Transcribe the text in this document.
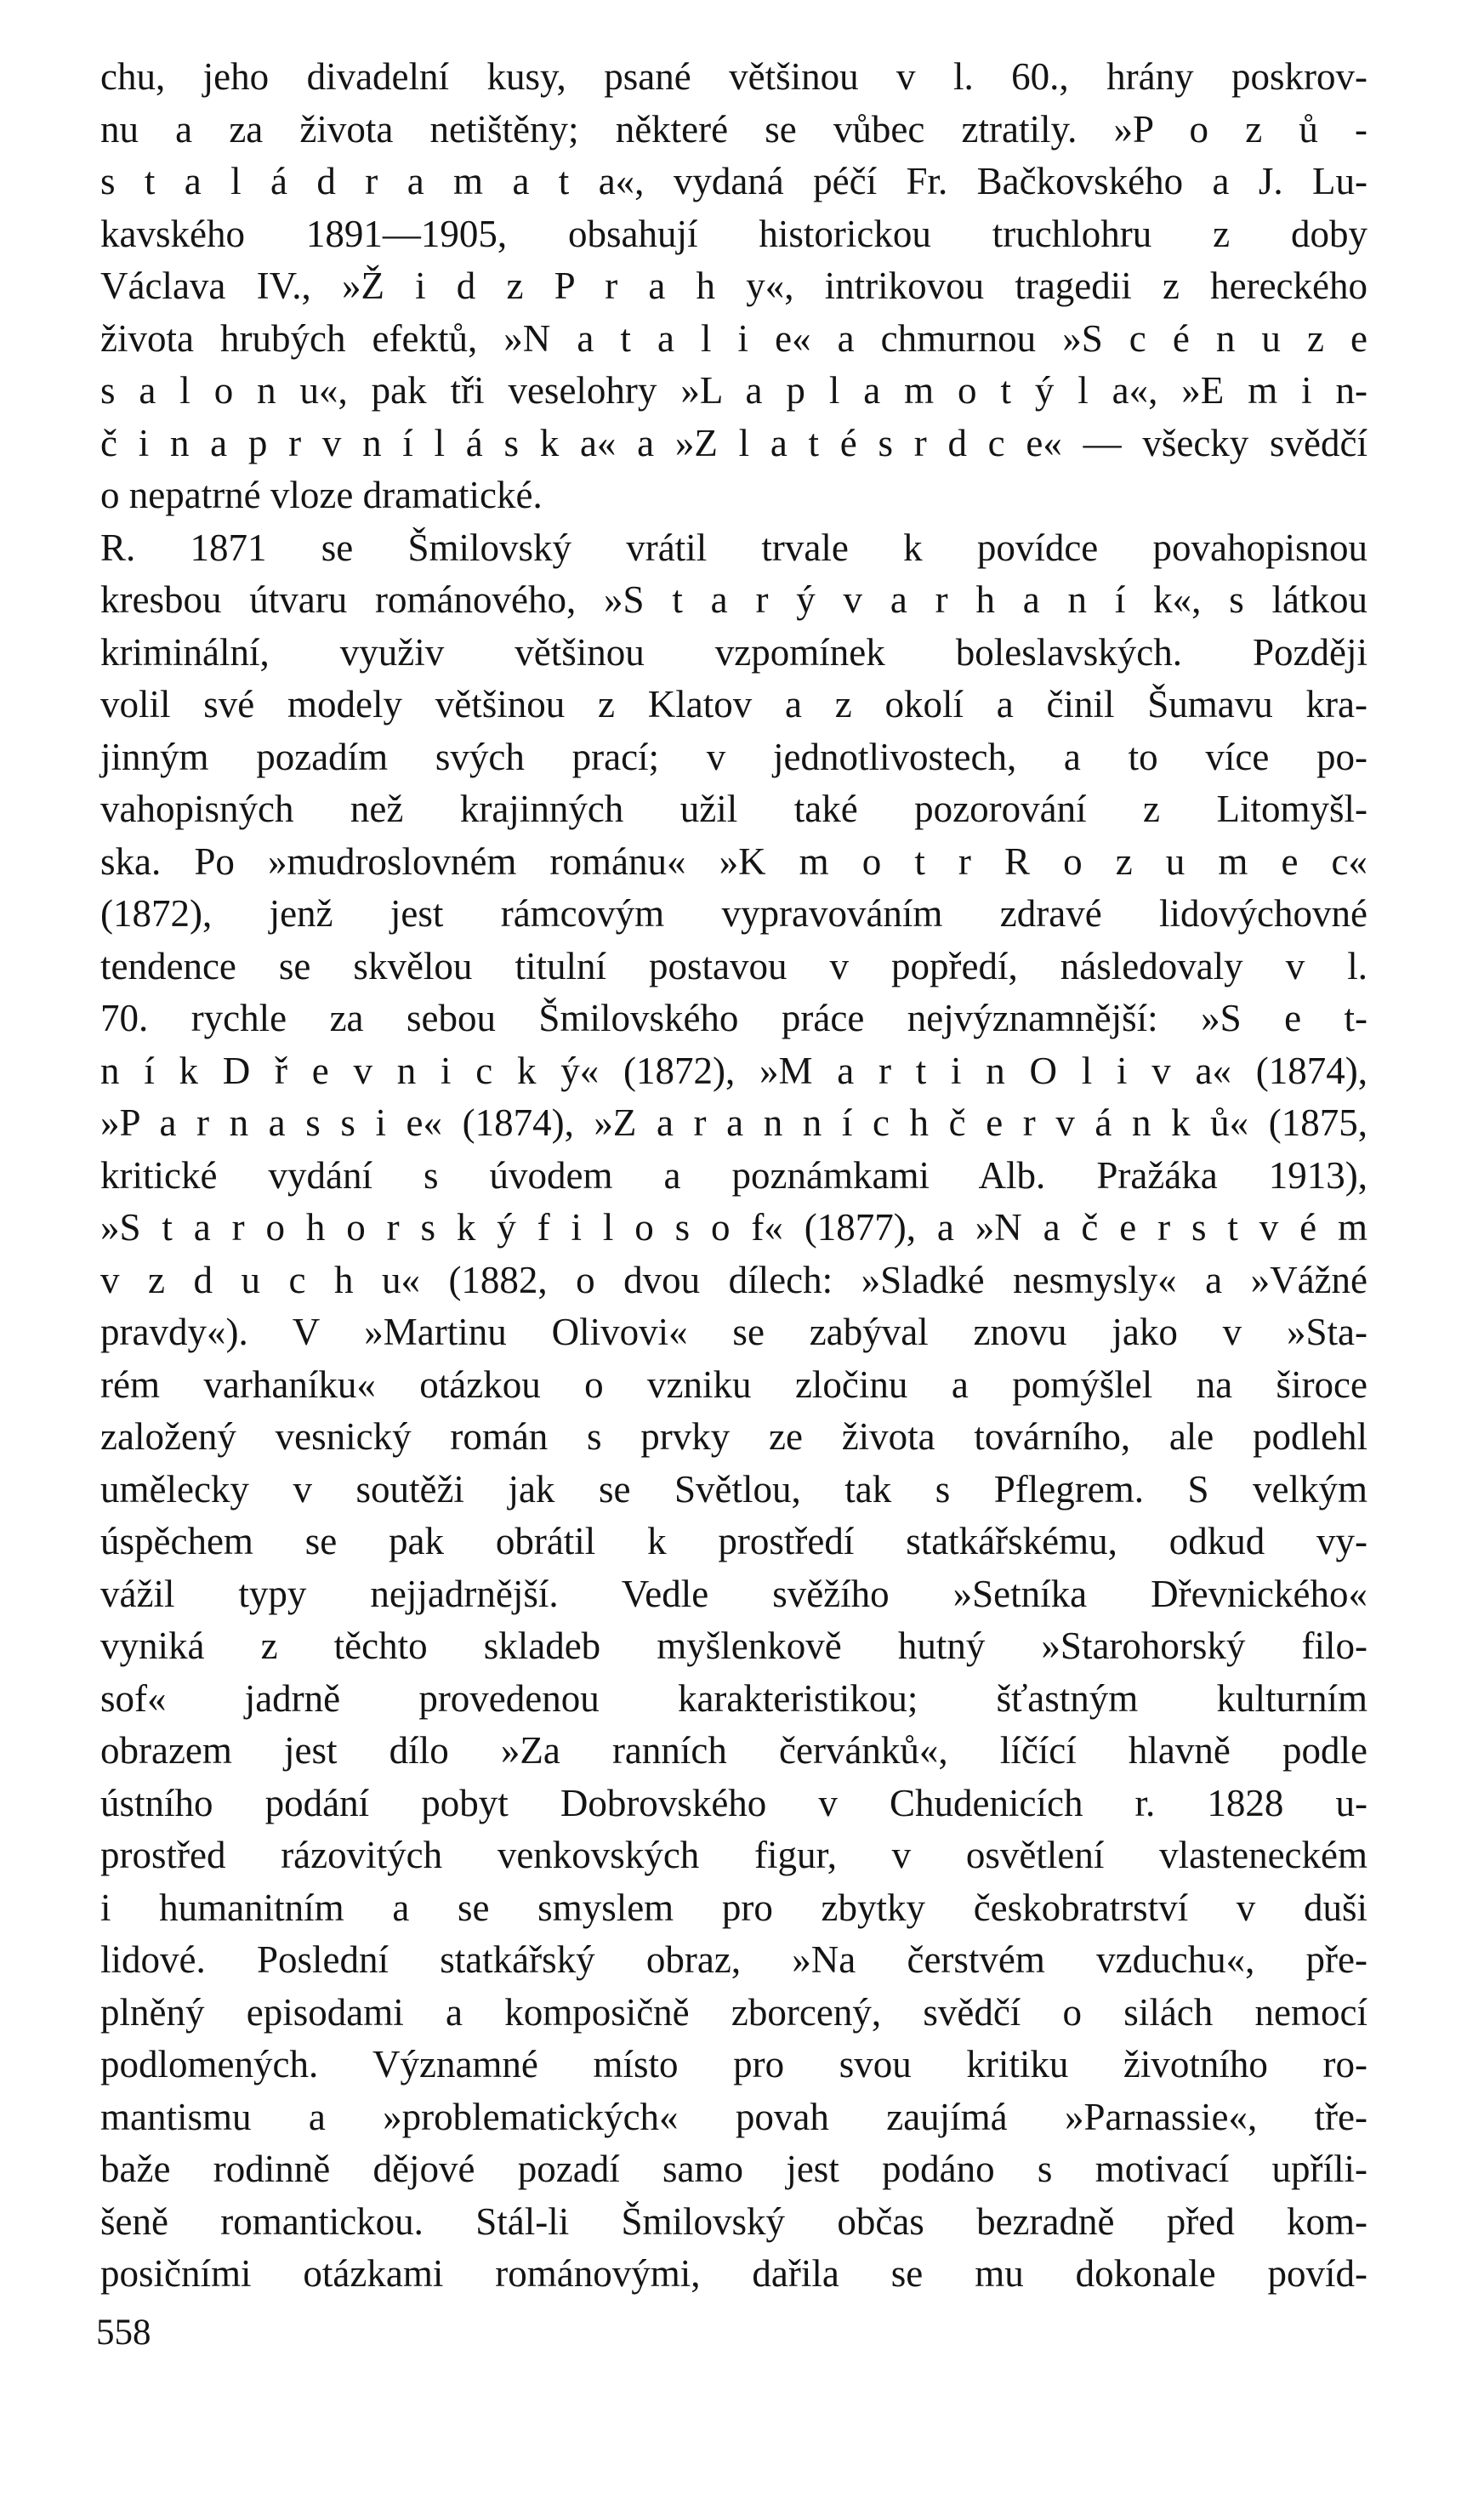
chu, jeho divadelní kusy, psané většinou v l. 60., hrány poskrov-
nu a za života netištěny; některé se vůbec ztratily. »P o z ů -
s t a l á d r a m a t a«, vydaná péčí Fr. Bačkovského a J. Lu-
kavského 1891—1905, obsahují historickou truchlohru z doby
Václava IV., »Ž i d z P r a h y«, intrikovou tragedii z hereckého
života hrubých efektů, »N a t a l i e« a chmurnou »S c é n u z e
s a l o n u«, pak tři veselohry »L a p l a m o t ý l a«, »E m i n-
č i n a p r v n í l á s k a« a »Z l a t é s r d c e« — všecky svědčí
o nepatrné vloze dramatické.
R. 1871 se Šmilovský vrátil trvale k povídce povahopisnou
kresbou útvaru románového, »S t a r ý v a r h a n í k«, s látkou
kriminální, využiv většinou vzpomínek boleslavských. Později
volil své modely většinou z Klatov a z okolí a činil Šumavu kra-
jinným pozadím svých prací; v jednotlivostech, a to více po-
vahopisných než krajinných užil také pozorování z Litomyšl-
ska. Po »mudroslovném románu« »K m o t r R o z u m e c«
(1872), jenž jest rámcovým vypravováním zdravé lidovýchovné
tendence se skvělou titulní postavou v popředí, následovaly v l.
70. rychle za sebou Šmilovského práce nejvýznamnější: »S e t-
n í k D ř e v n i c k ý« (1872), »M a r t i n O l i v a« (1874),
»P a r n a s s i e« (1874), »Z a r a n n í c h č e r v á n k ů« (1875,
kritické vydání s úvodem a poznámkami Alb. Pražáka 1913),
»S t a r o h o r s k ý f i l o s o f« (1877), a »N a č e r s t v é m
v z d u c h u« (1882, o dvou dílech: »Sladké nesmysly« a »Vážné
pravdy«). V »Martinu Olivovi« se zabýval znovu jako v »Sta-
rém varhaníku« otázkou o vzniku zločinu a pomýšlel na široce
založený vesnický román s prvky ze života továrního, ale podlehl
umělecky v soutěži jak se Světlou, tak s Pflegrem. S velkým
úspěchem se pak obrátil k prostředí statkářskému, odkud vy-
vážil typy nejjadrnější. Vedle svěžího »Setníka Dřevnického«
vyniká z těchto skladeb myšlenkově hutný »Starohorský filo-
sof« jadrně provedenou karakteristikou; šťastným kulturním
obrazem jest dílo »Za ranních červánků«, líčící hlavně podle
ústního podání pobyt Dobrovského v Chudenicích r. 1828 u-
prostřed rázovitých venkovských figur, v osvětlení vlasteneckém
i humanitním a se smyslem pro zbytky českobratrství v duši
lidové. Poslední statkářský obraz, »Na čerstvém vzduchu«, pře-
plněný episodami a komposičně zborcený, svědčí o silách nemocí
podlomených. Významné místo pro svou kritiku životního ro-
mantismu a »problematických« povah zaujímá »Parnassie«, tře-
baže rodinně dějové pozadí samo jest podáno s motivací upříli-
šeně romantickou. Stál-li Šmilovský občas bezradně před kom-
posičními otázkami románovými, dařila se mu dokonale povíd-
558
